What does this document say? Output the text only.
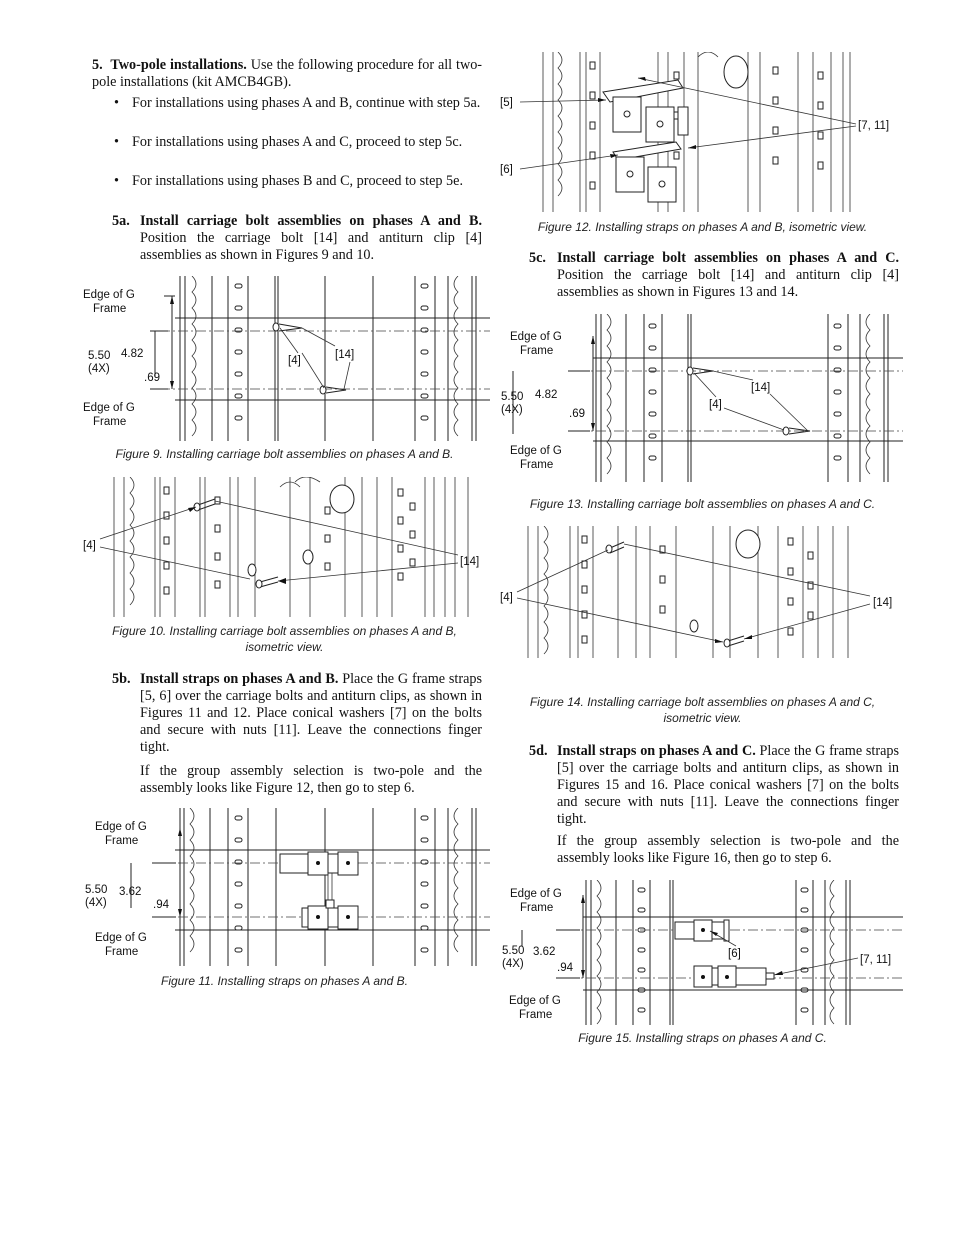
5. Two-pole installations. Use the following procedure for all two-pole installations (kit AMCB4GB).
• For installations using phases A and B, continue with step 5a.
• For installations using phases A and C, proceed to step 5c.
• For installations using phases B and C, proceed to step 5e.
5a. Install carriage bolt assemblies on phases A and B. Position the carriage bolt [14] and antiturn clip [4] assemblies as shown in Figures 9 and 10.
Edge of G
Frame
Edge of G
Frame
5.50
(4X)
4.82
.69
[4]	[14]
Figure 9. Installing carriage bolt assemblies on phases A and B.
[4]
[14]
Figure 10. Installing carriage bolt assemblies on phases A and B,
isometric view.
5b. Install straps on phases A and B. Place the G frame straps [5, 6] over the carriage bolts and antiturn clips, as shown in Figures 11 and 12. Place conical washers [7] on the bolts and secure with nuts [11]. Leave the connections finger tight.
If the group assembly selection is two-pole and the assembly looks like Figure 12, then go to step 6.
Edge of G
Frame
Edge of G
Frame
5.50
(4X)
3.62
.94
Figure 11. Installing straps on phases A and B.
[5]
[6]
[7, 11]
Figure 12. Installing straps on phases A and B, isometric view.
5c. Install carriage bolt assemblies on phases A and C. Position the carriage bolt [14] and antiturn clip [4] assemblies as shown in Figures 13 and 14.
Edge of G
Frame
Edge of G
Frame
5.50
(4X)
4.82
.69
[4]
[14]
Figure 13. Installing carriage bolt assemblies on phases A and C.
[4]	[14]
Figure 14. Installing carriage bolt assemblies on phases A and C,
isometric view.
5d. Install straps on phases A and C. Place the G frame straps [5] over the carriage bolts and antiturn clips, as shown in Figures 15 and 16. Place conical washers [7] on the bolts and secure with nuts [11]. Leave the connections finger tight.
If the group assembly selection is two-pole and the assembly looks like Figure 16, then go to step 6.
Edge of G
Frame
Edge of G
Frame
5.50
(4X)
3.62
.94
[6]	[7, 11]
Figure 15. Installing straps on phases A and C.
